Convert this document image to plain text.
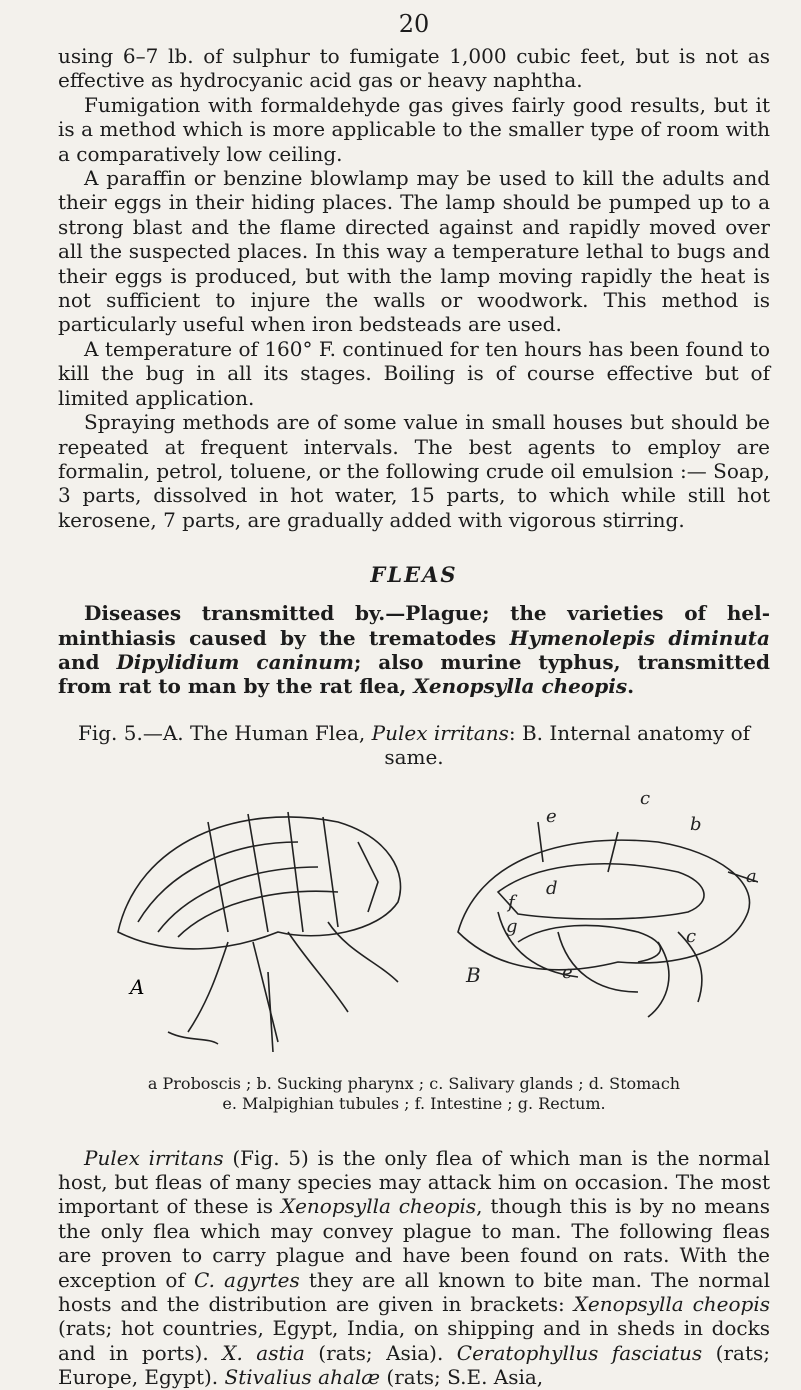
20

using 6–7 lb. of sulphur to fumigate 1,000 cubic feet, but is not as effective as hydrocyanic acid gas or heavy naphtha.

Fumigation with formaldehyde gas gives fairly good results, but it is a method which is more applicable to the smaller type of room with a comparatively low ceiling.

A paraffin or benzine blowlamp may be used to kill the adults and their eggs in their hiding places. The lamp should be pumped up to a strong blast and the flame directed against and rapidly moved over all the suspected places. In this way a temperature lethal to bugs and their eggs is produced, but with the lamp moving rapidly the heat is not sufficient to injure the walls or woodwork. This method is particularly useful when iron bedsteads are used.

A temperature of 160° F. continued for ten hours has been found to kill the bug in all its stages. Boiling is of course effective but of limited application.

Spraying methods are of some value in small houses but should be repeated at frequent intervals. The best agents to employ are formalin, petrol, toluene, or the following crude oil emulsion :— Soap, 3 parts, dissolved in hot water, 15 parts, to which while still hot kerosene, 7 parts, are gradually added with vigorous stirring.

FLEAS

Diseases transmitted by.—Plague; the varieties of hel-minthiasis caused by the trematodes Hymenolepis diminuta and Dipylidium caninum; also murine typhus, transmitted from rat to man by the rat flea, Xenopsylla cheopis.

Fig. 5.—A. The Human Flea, Pulex irritans: B. Internal anatomy of same.

A	B
a
b
c
c
d
e
e
f
g
a Proboscis ; b. Sucking pharynx ; c. Salivary glands ; d. Stomach
e. Malpighian tubules ; f. Intestine ; g. Rectum.

Pulex irritans (Fig. 5) is the only flea of which man is the normal host, but fleas of many species may attack him on occasion. The most important of these is Xenopsylla cheopis, though this is by no means the only flea which may convey plague to man. The following fleas are proven to carry plague and have been found on rats. With the exception of C. agyrtes they are all known to bite man. The normal hosts and the distribution are given in brackets: Xenopsylla cheopis (rats; hot countries, Egypt, India, on shipping and in sheds in docks and in ports). X. astia (rats; Asia). Ceratophyllus fasciatus (rats; Europe, Egypt). Stivalius ahalæ (rats; S.E. Asia,
